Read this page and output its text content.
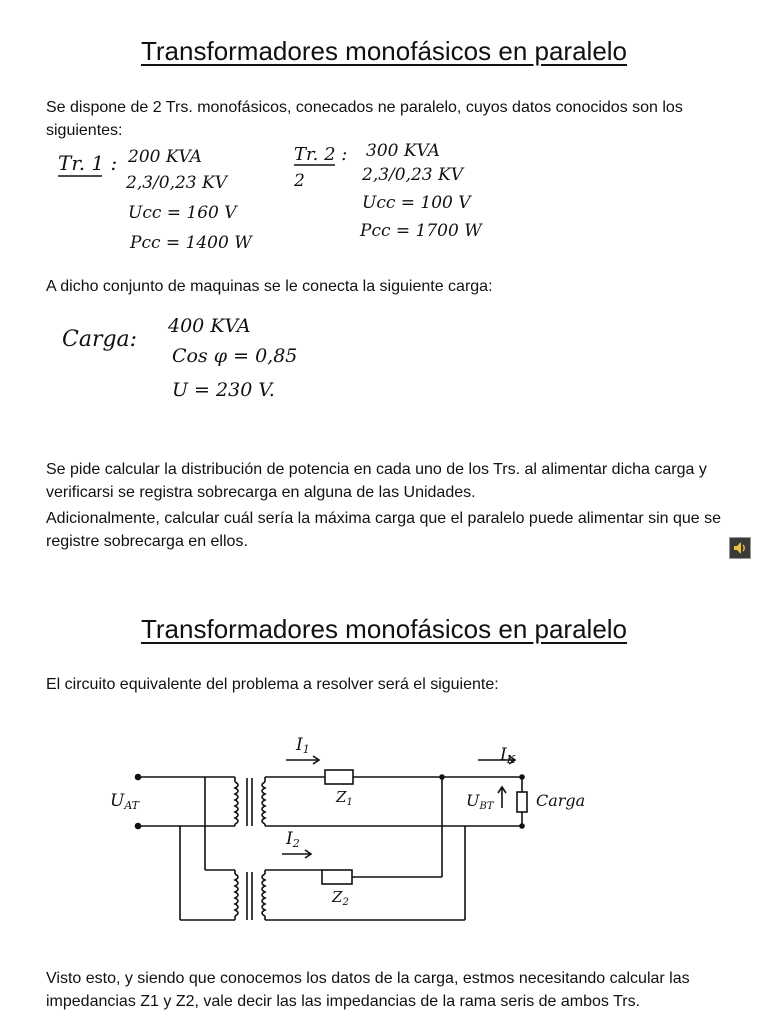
Transformadores monofásicos en paralelo

Se dispone de 2 Trs. monofásicos, conecados ne paralelo, cuyos datos conocidos son los siguientes:

Tr. 1 : 200 KVA
2,3/0,23 KV
Ucc = 160 V
Pcc = 1400 W
Tr. 2 :
2
300 KVA
2,3/0,23 KV
Ucc = 100 V
Pcc = 1700 W

A dicho conjunto de maquinas se le conecta la siguiente carga:

Carga:
400 KVA
Cos φ = 0,85
U = 230 V.

Se pide calcular la distribución de potencia en cada uno de los Trs. al alimentar dicha carga y verificarsi se registra sobrecarga en alguna de las Unidades.

Adicionalmente, calcular cuál sería la máxima carga que el paralelo puede alimentar sin que se registre sobrecarga en ellos.

Transformadores monofásicos en paralelo

El circuito equivalente del problema a resolver será el siguiente:

UAT
I1
I2
IK
$Z_1$
$Z_2$
UBT	Carga

Visto esto, y siendo que conocemos los datos de la carga, estmos necesitando calcular las impedancias Z1 y Z2, vale decir las las impedancias de la rama seris de ambos Trs.
